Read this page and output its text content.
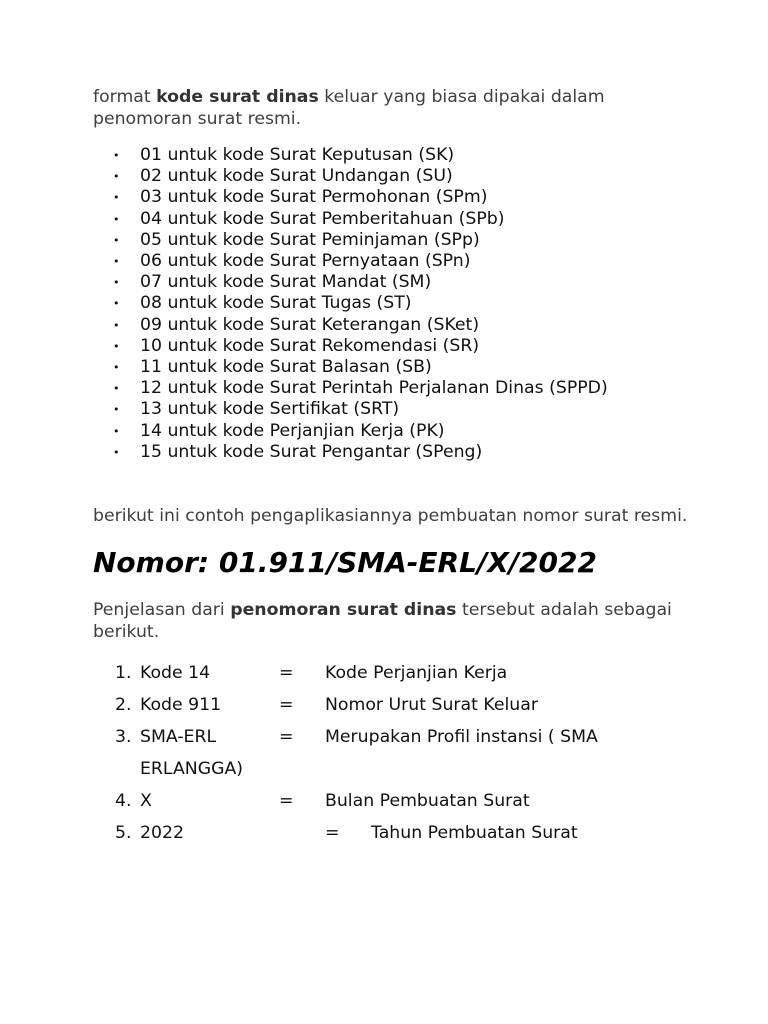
format kode surat dinas keluar yang biasa dipakai dalam penomoran surat resmi.

• 01 untuk kode Surat Keputusan (SK)
• 02 untuk kode Surat Undangan (SU)
• 03 untuk kode Surat Permohonan (SPm)
• 04 untuk kode Surat Pemberitahuan (SPb)
• 05 untuk kode Surat Peminjaman (SPp)
• 06 untuk kode Surat Pernyataan (SPn)
• 07 untuk kode Surat Mandat (SM)
• 08 untuk kode Surat Tugas (ST)
• 09 untuk kode Surat Keterangan (SKet)
• 10 untuk kode Surat Rekomendasi (SR)
• 11 untuk kode Surat Balasan (SB)
• 12 untuk kode Surat Perintah Perjalanan Dinas (SPPD)
• 13 untuk kode Sertifikat (SRT)
• 14 untuk kode Perjanjian Kerja (PK)
• 15 untuk kode Surat Pengantar (SPeng)

berikut ini contoh pengaplikasiannya pembuatan nomor surat resmi.

Nomor: 01.911/SMA-ERL/X/2022

Penjelasan dari penomoran surat dinas tersebut adalah sebagai berikut.

1. Kode 14	= Kode Perjanjian Kerja
2. Kode 911	= Nomor Urut Surat Keluar
3. SMA-ERL	= Merupakan Profil instansi ( SMA
ERLANGGA)
4. X	= Bulan Pembuatan Surat
5. 2022	= Tahun Pembuatan Surat
